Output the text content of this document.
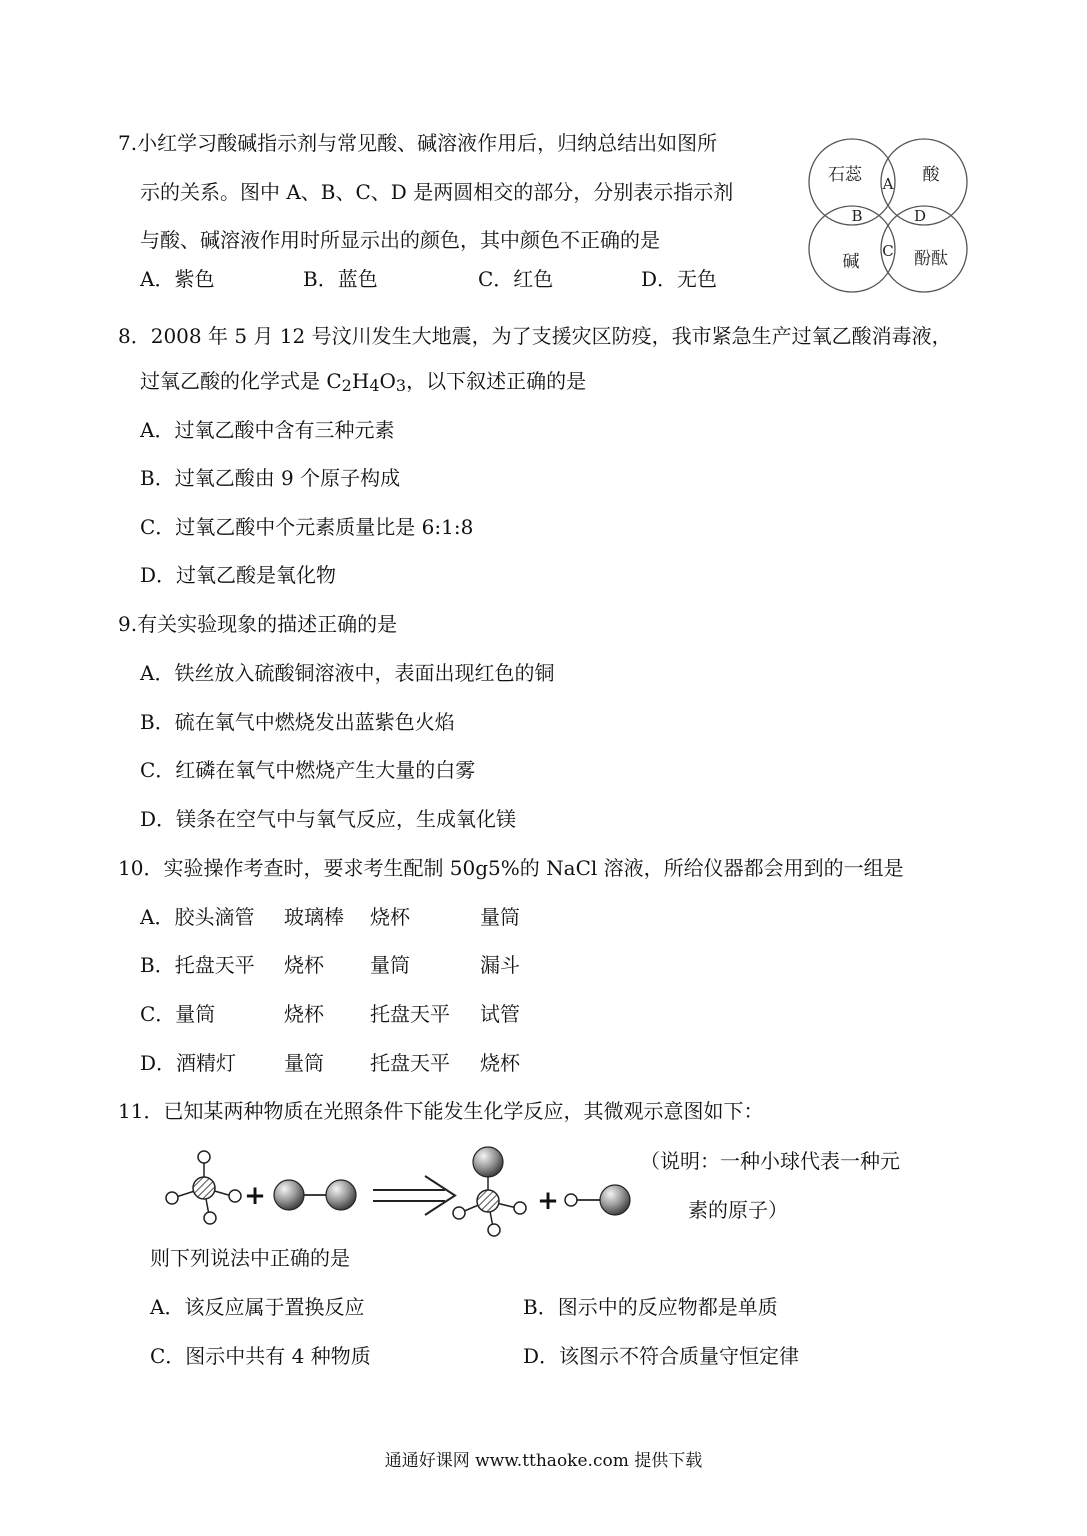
7.小红学习酸碱指示剂与常见酸、碱溶液作用后，归纳总结出如图所
示的关系。图中 A、B、C、D 是两圆相交的部分，分别表示指示剂
与酸、碱溶液作用时所显示出的颜色，其中颜色不正确的是
A．紫色	B．蓝色	C．红色	D．无色
石蕊	酸
碱	酚酞
A
B
C
D
8．2008 年 5 月 12 号汶川发生大地震，为了支援灾区防疫，我市紧急生产过氧乙酸消毒液，
过氧乙酸的化学式是 C2H4O3，以下叙述正确的是
A．过氧乙酸中含有三种元素
B．过氧乙酸由 9 个原子构成
C．过氧乙酸中个元素质量比是 6:1:8
D．过氧乙酸是氧化物
9.有关实验现象的描述正确的是
A．铁丝放入硫酸铜溶液中，表面出现红色的铜
B．硫在氧气中燃烧发出蓝紫色火焰
C．红磷在氧气中燃烧产生大量的白雾
D．镁条在空气中与氧气反应，生成氧化镁
10．实验操作考查时，要求考生配制 50g5%的 NaCl 溶液，所给仪器都会用到的一组是
A．胶头滴管 玻璃棒 烧杯	量筒
B．托盘天平 烧杯 量筒	漏斗
C．量筒	烧杯 托盘天平 试管
D．酒精灯 量筒 托盘天平 烧杯
11．已知某两种物质在光照条件下能发生化学反应，其微观示意图如下：
+	+
（说明：一种小球代表一种元
素的原子）
则下列说法中正确的是
A．该反应属于置换反应	B．图示中的反应物都是单质
C．图示中共有 4 种物质	D．该图示不符合质量守恒定律
通通好课网 www.tthaoke.com 提供下载
